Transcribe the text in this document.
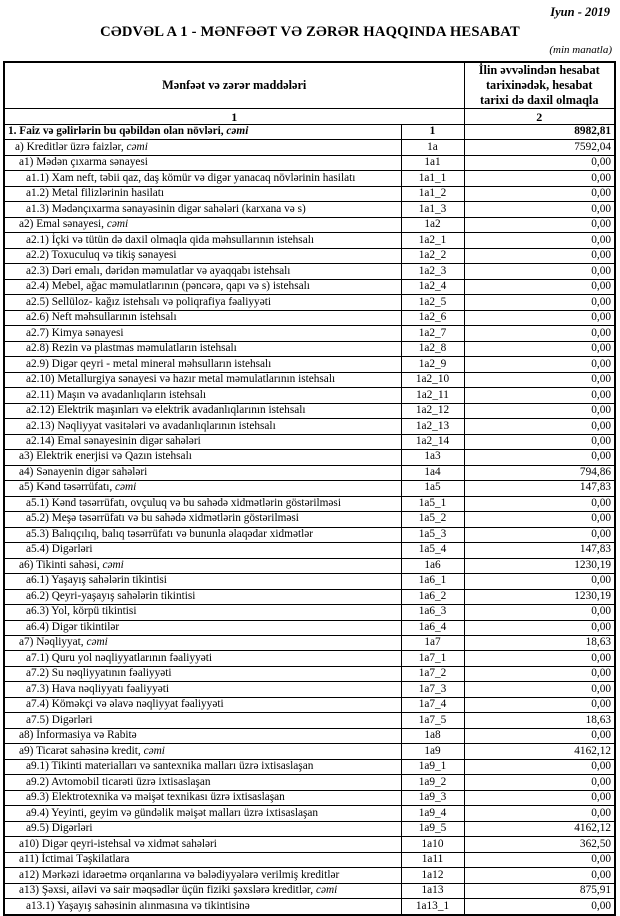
Iyun - 2019
CƏDVƏL A 1 - MƏNFƏƏT VƏ ZƏRƏR HAQQINDA HESABAT
(min manatla)
Mənfəət və zərər maddələri		İlin əvvəlindən hesabat tarixinədək, hesabat tarixi də daxil olmaqla
1		2
1. Faiz və gəlirlərin bu qəbildən olan növləri, cəmi	1	8982,81
a) Kreditlər üzrə faizlər, cəmi	1a	7592,04
a1) Mədən çıxarma sənayesi	1a1	0,00
a1.1) Xam neft, təbii qaz, daş kömür və digər yanacaq növlərinin hasilatı	1a1_1	0,00
a1.2) Metal filizlərinin hasilatı	1a1_2	0,00
a1.3) Mədənçıxarma sənayəsinin digər sahələri (karxana və s)	1a1_3	0,00
a2) Emal sənayesi, cəmi	1a2	0,00
a2.1) İçki və tütün də daxil olmaqla qida məhsullarının istehsalı	1a2_1	0,00
a2.2) Toxuculuq və tikiş sənayesi	1a2_2	0,00
a2.3) Dəri emalı, dəridən məmulatlar və ayaqqabı istehsalı	1a2_3	0,00
a2.4) Mebel, ağac məmulatlarının (pəncərə, qapı və s) istehsalı	1a2_4	0,00
a2.5) Sellüloz- kağız istehsalı və poliqrafiya fəaliyyəti	1a2_5	0,00
a2.6) Neft məhsullarının istehsalı	1a2_6	0,00
a2.7) Kimya sənayesi	1a2_7	0,00
a2.8) Rezin və plastmas məmulatların istehsalı	1a2_8	0,00
a2.9) Digər qeyri - metal mineral məhsulların istehsalı	1a2_9	0,00
a2.10) Metallurgiya sənayesi və hazır metal məmulatlarının istehsalı	1a2_10	0,00
a2.11) Maşın və avadanlıqların istehsalı	1a2_11	0,00
a2.12) Elektrik maşınları və elektrik avadanlıqlarının istehsalı	1a2_12	0,00
a2.13) Nəqliyyat vasitələri və avadanlıqlarının istehsalı	1a2_13	0,00
a2.14) Emal sənayesinin digər sahələri	1a2_14	0,00
a3) Elektrik enerjisi və Qazın istehsalı	1a3	0,00
a4) Sənayenin digər sahələri	1a4	794,86
a5) Kənd təsərrüfatı, cəmi	1a5	147,83
a5.1) Kənd təsərrüfatı, ovçuluq və bu sahədə xidmətlərin göstərilməsi	1a5_1	0,00
a5.2) Meşə təsərrüfatı və bu sahədə xidmətlərin göstərilməsi	1a5_2	0,00
a5.3) Balıqçılıq, balıq təsərrüfatı və bununla əlaqədar xidmətlər	1a5_3	0,00
a5.4) Digərləri	1a5_4	147,83
a6) Tikinti sahəsi, cəmi	1a6	1230,19
a6.1) Yaşayış sahələrin tikintisi	1a6_1	0,00
a6.2) Qeyri-yaşayış sahələrin tikintisi	1a6_2	1230,19
a6.3) Yol, körpü tikintisi	1a6_3	0,00
a6.4) Digər tikintilər	1a6_4	0,00
a7) Nəqliyyat, cəmi	1a7	18,63
a7.1) Quru yol nəqliyyatlarının fəaliyyəti	1a7_1	0,00
a7.2) Su nəqliyyatının fəaliyyəti	1a7_2	0,00
a7.3) Hava nəqliyyatı fəaliyyəti	1a7_3	0,00
a7.4) Köməkçi və əlavə nəqliyyat fəaliyyəti	1a7_4	0,00
a7.5) Digərləri	1a7_5	18,63
a8) İnformasiya və Rabitə	1a8	0,00
a9) Ticarət sahəsinə kredit, cəmi	1a9	4162,12
a9.1) Tikinti materialları və santexnika malları üzrə ixtisaslaşan	1a9_1	0,00
a9.2) Avtomobil ticarəti üzrə ixtisaslaşan	1a9_2	0,00
a9.3) Elektrotexnika və məişət texnikası üzrə ixtisaslaşan	1a9_3	0,00
a9.4) Yeyinti, geyim və gündəlik məişət malları üzrə ixtisaslaşan	1a9_4	0,00
a9.5) Digərləri	1a9_5	4162,12
a10) Digər qeyri-istehsal və xidmət sahələri	1a10	362,50
a11) İctimai Təşkilatlara	1a11	0,00
a12) Mərkəzi idarəetmə orqanlarına və bələdiyyələrə verilmiş kreditlər	1a12	0,00
a13) Şəxsi, ailəvi və sair məqsədlər üçün fiziki şəxslərə kreditlər, cəmi	1a13	875,91
a13.1) Yaşayış sahəsinin alınmasına və tikintisinə	1a13_1	0,00
